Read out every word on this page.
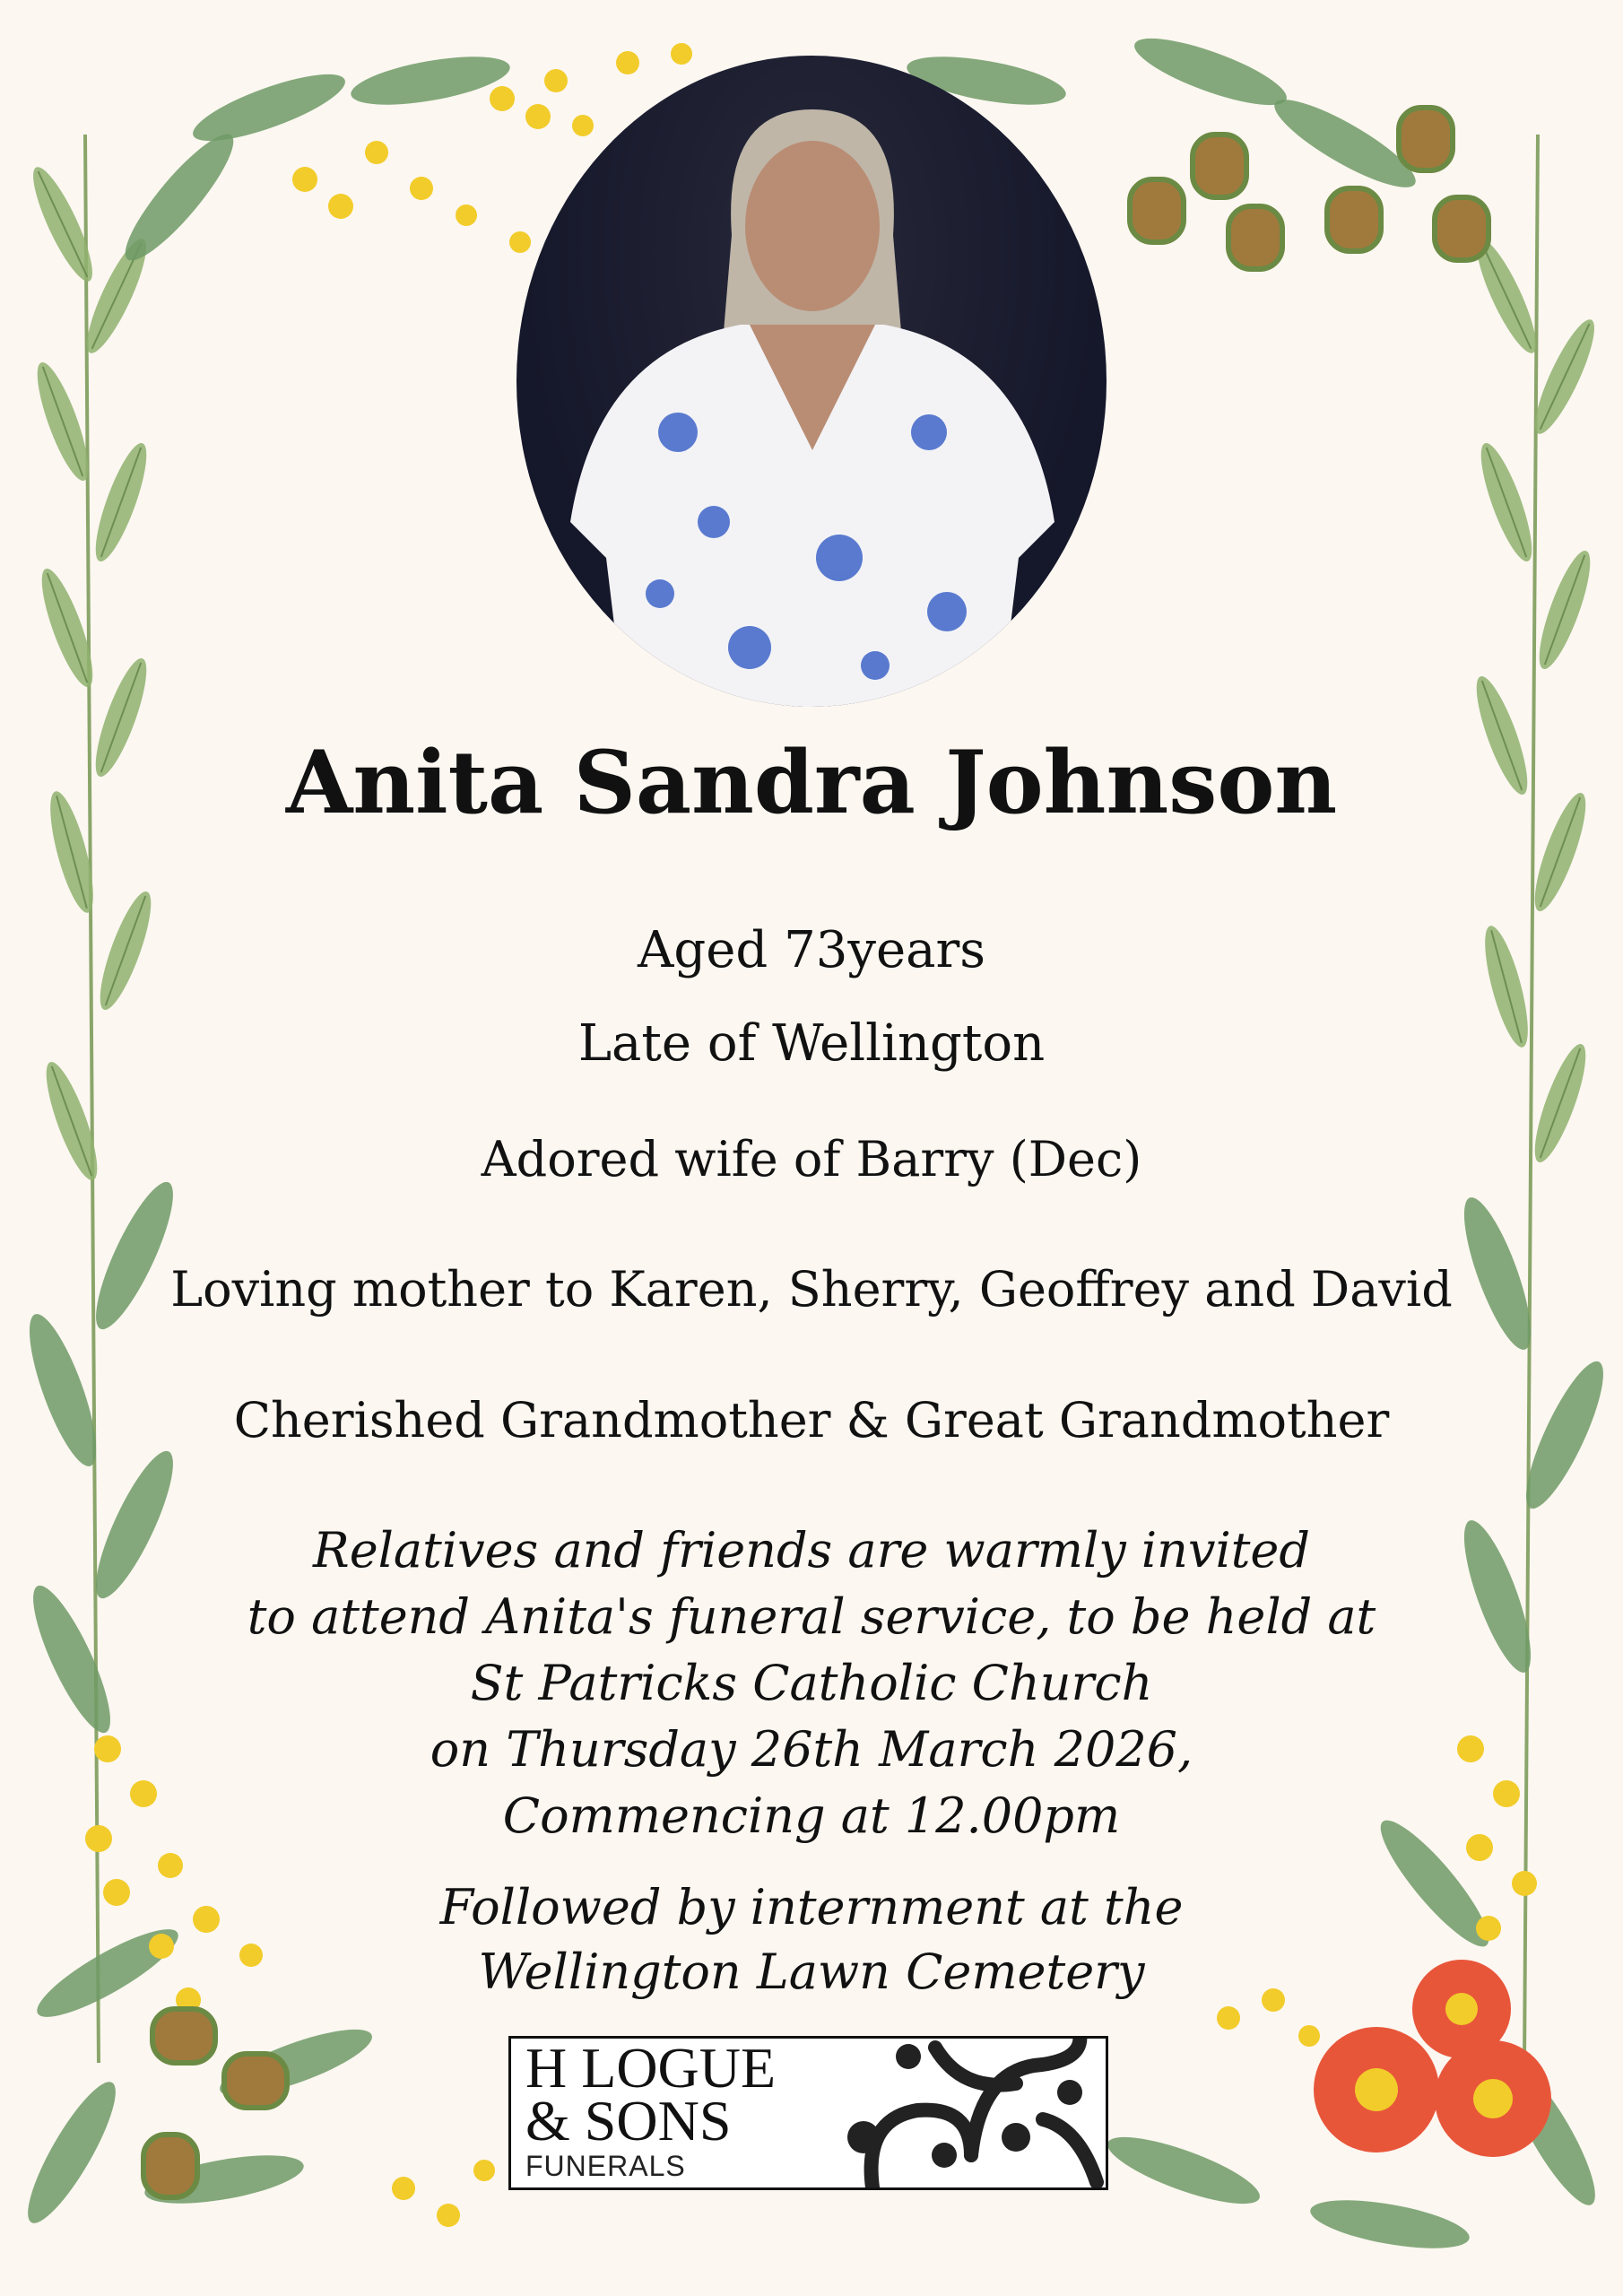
Anita Sandra Johnson
Aged 73years
Late of Wellington
Adored wife of Barry (Dec)
Loving mother to Karen, Sherry, Geoffrey and David
Cherished Grandmother & Great Grandmother
Relatives and friends are warmly invited
to attend Anita's funeral service, to be held at
St Patricks Catholic Church
on Thursday 26th March 2026,
Commencing at 12.00pm
Followed by internment at the
Wellington Lawn Cemetery
H LOGUE
& SONS
FUNERALS
